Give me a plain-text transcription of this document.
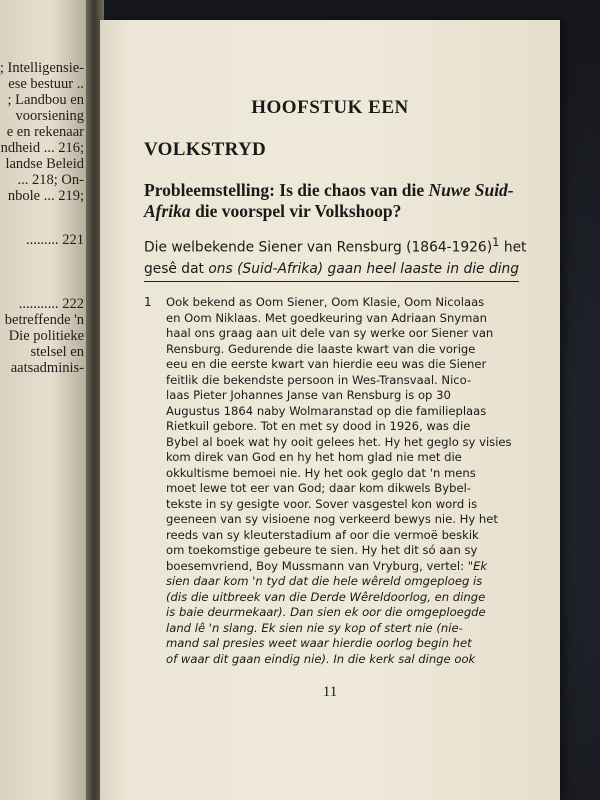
; Intelligensie-
ese bestuur ..
; Landbou en
voorsiening
e en rekenaar
ndheid ... 216;
landse Beleid
... 218; On-
nbole ... 219;
......... 221
........... 222
betreffende 'n
Die politieke
stelsel en
aatsadminis-
HOOFSTUK EEN
VOLKSTRYD
Probleemstelling: Is die chaos van die Nuwe Suid- Afrika die voorspel vir Volkshoop?
Die welbekende Siener van Rensburg (1864-1926)$^1$ het
gesê dat ons (Suid-Afrika) gaan heel laaste in die ding
1 Ook bekend as Oom Siener, Oom Klasie, Oom Nicolaas
en Oom Niklaas. Met goedkeuring van Adriaan Snyman
haal ons graag aan uit dele van sy werke oor Siener van
Rensburg. Gedurende die laaste kwart van die vorige
eeu en die eerste kwart van hierdie eeu was die Siener
feitlik die bekendste persoon in Wes-Transvaal. Nico-
laas Pieter Johannes Janse van Rensburg is op 30
Augustus 1864 naby Wolmaranstad op die familieplaas
Rietkuil gebore. Tot en met sy dood in 1926, was die
Bybel al boek wat hy ooit gelees het. Hy het geglo sy visies
kom direk van God en hy het hom glad nie met die
okkultisme bemoei nie. Hy het ook geglo dat 'n mens
moet lewe tot eer van God; daar kom dikwels Bybel-
tekste in sy gesigte voor. Sover vasgestel kon word is
geeneen van sy visioene nog verkeerd bewys nie. Hy het
reeds van sy kleuterstadium af oor die vermoë beskik
om toekomstige gebeure te sien. Hy het dit só aan sy
boesemvriend, Boy Mussmann van Vryburg, vertel: "Ek
sien daar kom 'n tyd dat die hele wêreld omgeploeg is
(dis die uitbreek van die Derde Wêreldoorlog, en dinge
is baie deurmekaar). Dan sien ek oor die omgeploegde
land lê 'n slang. Ek sien nie sy kop of stert nie (nie-
mand sal presies weet waar hierdie oorlog begin het
of waar dit gaan eindig nie). In die kerk sal dinge ook
11
